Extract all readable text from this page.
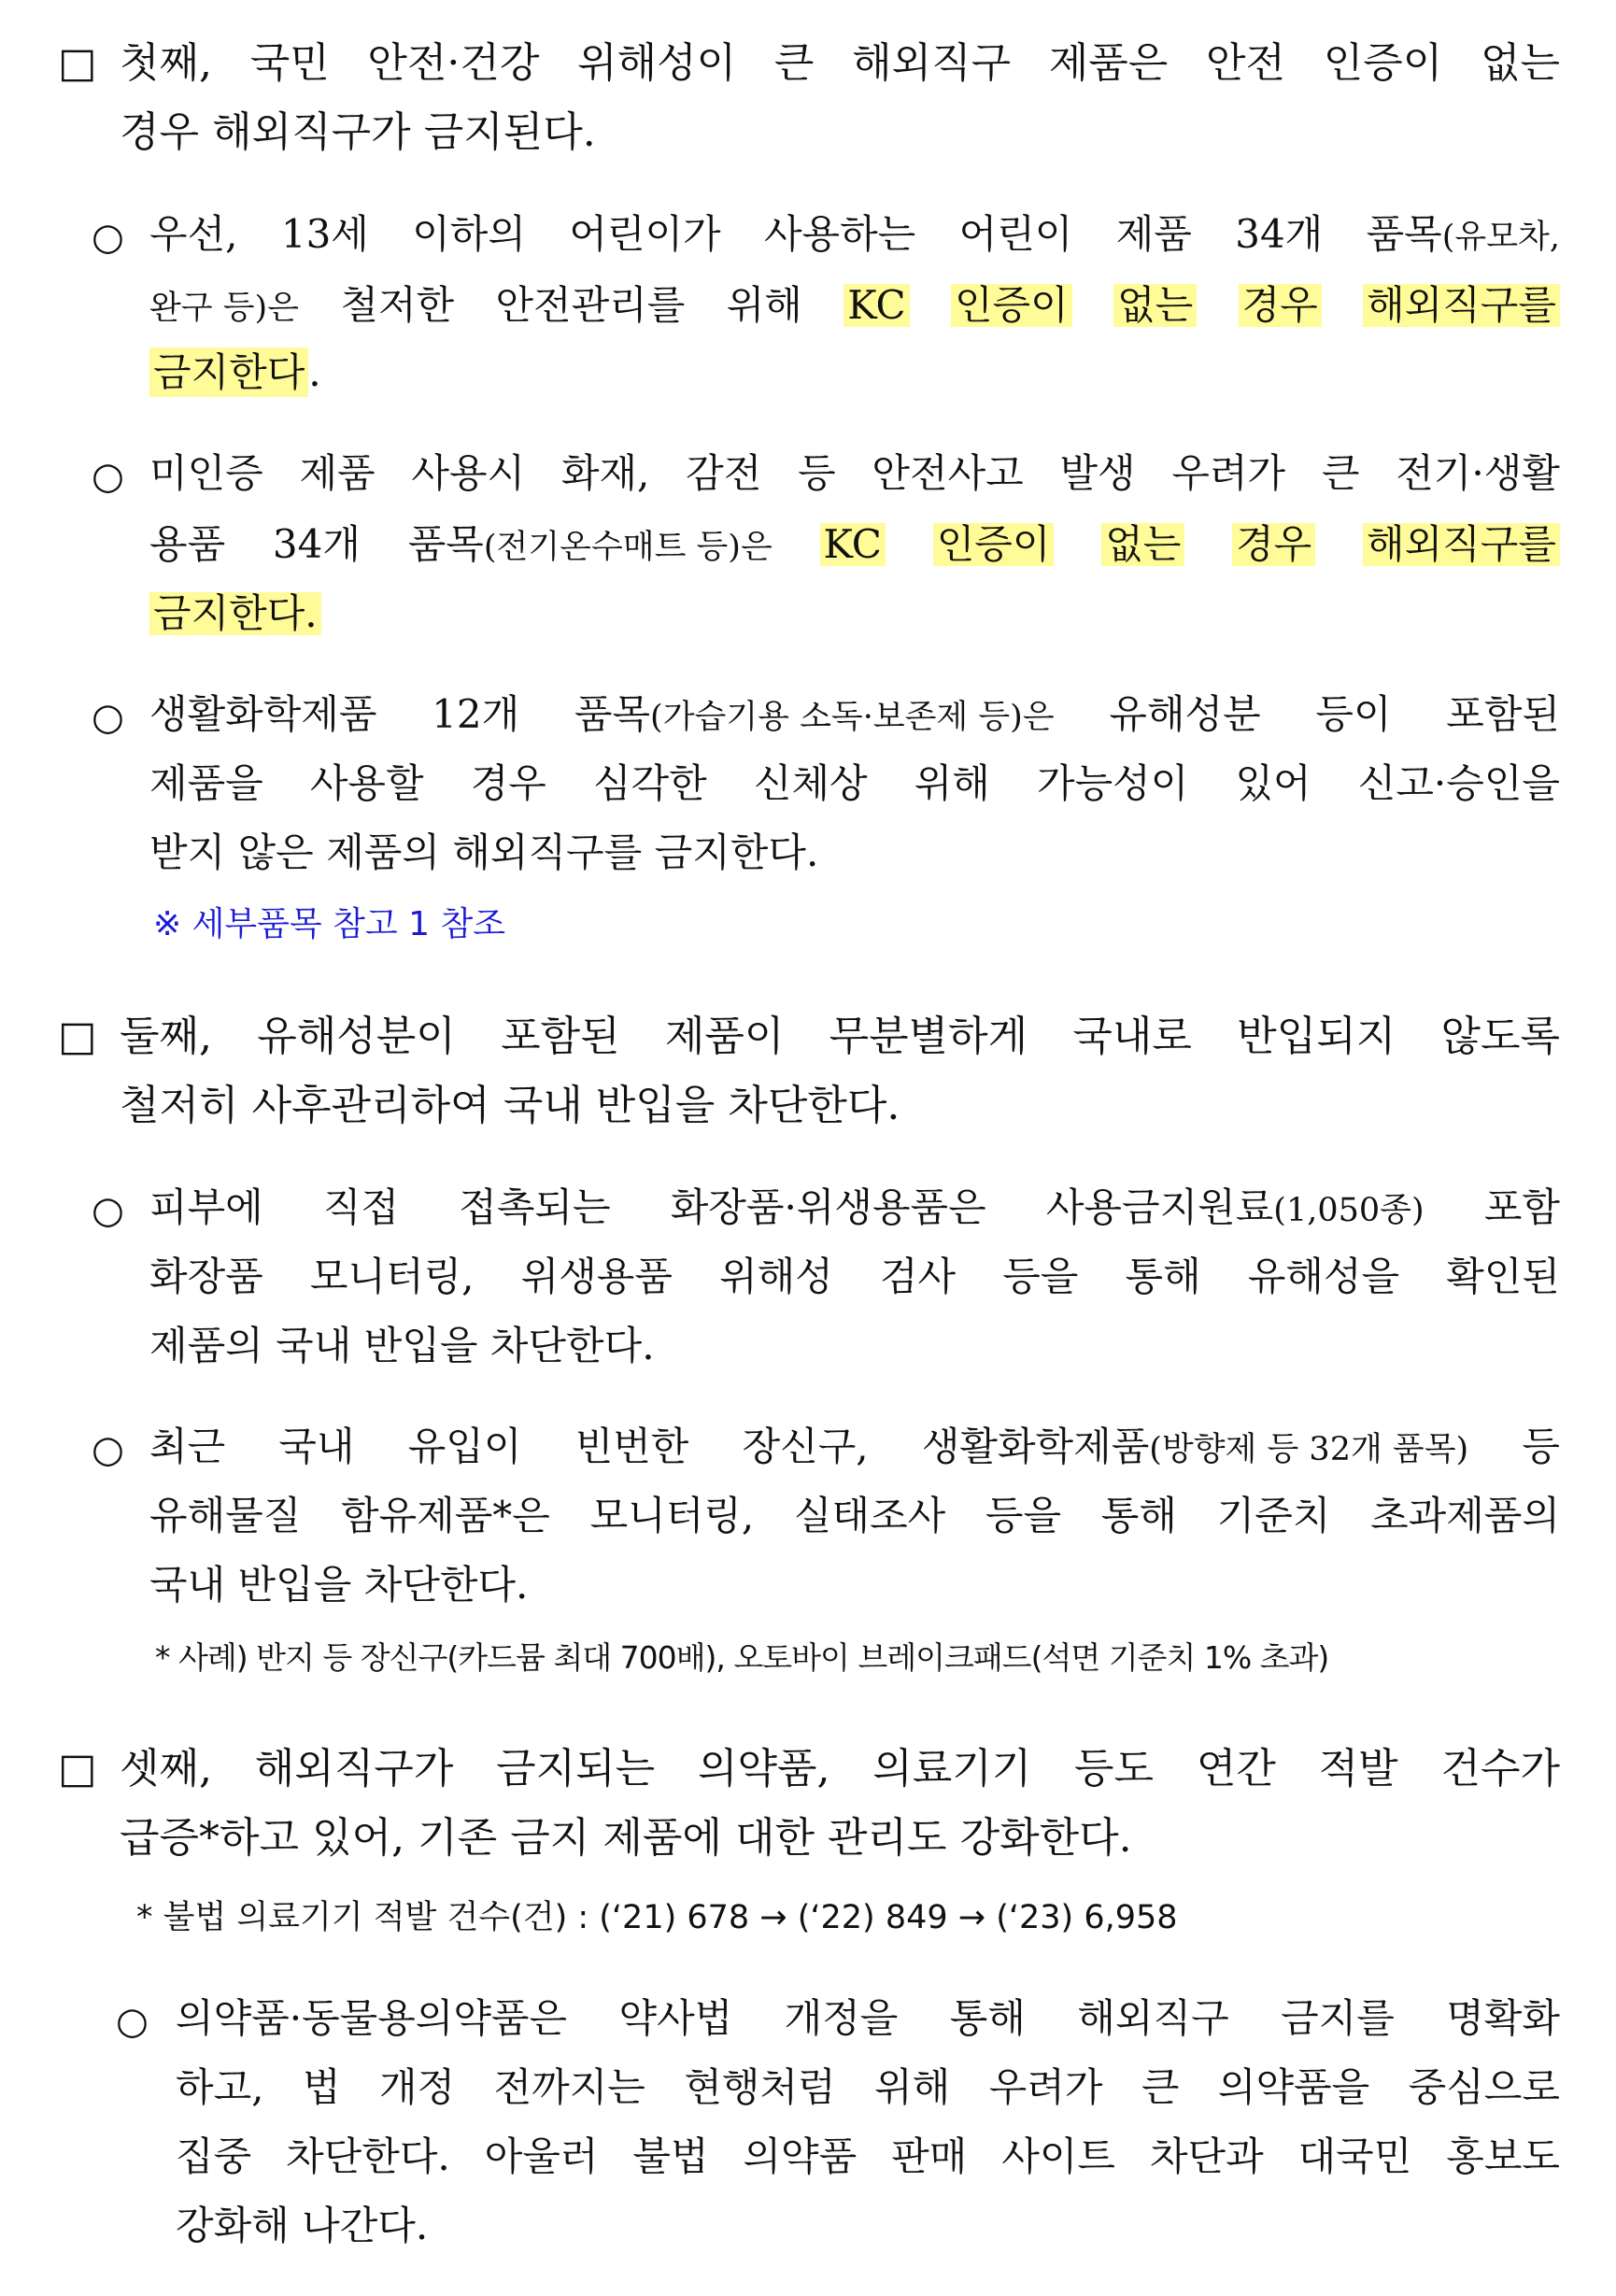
□ 첫째, 국민 안전·건강 위해성이 큰 해외직구 제품은 안전 인증이 없는
경우 해외직구가 금지된다.
○ 우선, 13세 이하의 어린이가 사용하는 어린이 제품 34개 품목(유모차,
완구 등)은 철저한 안전관리를 위해 KC 인증이 없는 경우 해외직구를
금지한다.
○ 미인증 제품 사용시 화재, 감전 등 안전사고 발생 우려가 큰 전기·생활
용품 34개 품목(전기온수매트 등)은 KC 인증이 없는 경우 해외직구를
금지한다.
○ 생활화학제품 12개 품목(가습기용 소독·보존제 등)은 유해성분 등이 포함된
제품을 사용할 경우 심각한 신체상 위해 가능성이 있어 신고·승인을
받지 않은 제품의 해외직구를 금지한다.
※ 세부품목 참고 1 참조
□ 둘째, 유해성분이 포함된 제품이 무분별하게 국내로 반입되지 않도록
철저히 사후관리하여 국내 반입을 차단한다.
○ 피부에 직접 접촉되는 화장품·위생용품은 사용금지원료(1,050종) 포함
화장품 모니터링, 위생용품 위해성 검사 등을 통해 유해성을 확인된
제품의 국내 반입을 차단한다.
○ 최근 국내 유입이 빈번한 장신구, 생활화학제품(방향제 등 32개 품목) 등
유해물질 함유제품*은 모니터링, 실태조사 등을 통해 기준치 초과제품의
국내 반입을 차단한다.
* 사례) 반지 등 장신구(카드뮴 최대 700배), 오토바이 브레이크패드(석면 기준치 1% 초과)
□ 셋째, 해외직구가 금지되는 의약품, 의료기기 등도 연간 적발 건수가
급증*하고 있어, 기존 금지 제품에 대한 관리도 강화한다.
* 불법 의료기기 적발 건수(건) : (‘21) 678 → (‘22) 849 → (‘23) 6,958
○ 의약품·동물용의약품은 약사법 개정을 통해 해외직구 금지를 명확화
하고, 법 개정 전까지는 현행처럼 위해 우려가 큰 의약품을 중심으로
집중 차단한다. 아울러 불법 의약품 판매 사이트 차단과 대국민 홍보도
강화해 나간다.
